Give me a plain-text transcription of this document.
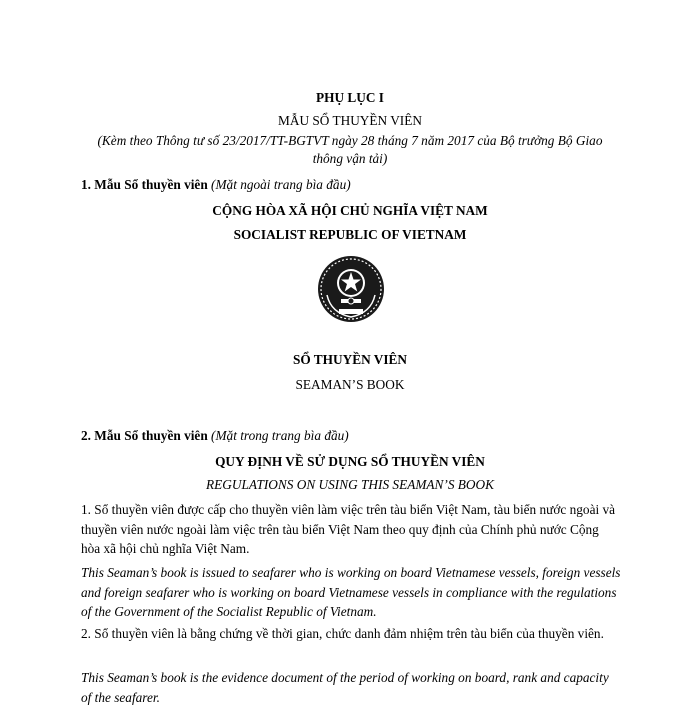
PHỤ LỤC I
MẪU SỔ THUYỀN VIÊN
(Kèm theo Thông tư số 23/2017/TT-BGTVT ngày 28 tháng 7 năm 2017 của Bộ trưởng Bộ Giao
thông vận tải)
1. Mẫu Sổ thuyền viên (Mặt ngoài trang bìa đầu)
CỘNG HÒA XÃ HỘI CHỦ NGHĨA VIỆT NAM
SOCIALIST REPUBLIC OF VIETNAM
SỔ THUYỀN VIÊN
SEAMAN’S BOOK
2. Mẫu Sổ thuyền viên (Mặt trong trang bìa đầu)
QUY ĐỊNH VỀ SỬ DỤNG SỔ THUYỀN VIÊN
REGULATIONS ON USING THIS SEAMAN’S BOOK
1. Sổ thuyền viên được cấp cho thuyền viên làm việc trên tàu biển Việt Nam, tàu biển nước ngoài và thuyền viên nước ngoài làm việc trên tàu biển Việt Nam theo quy định của Chính phủ nước Cộng hòa xã hội chủ nghĩa Việt Nam.
This Seaman’s book is issued to seafarer who is working on board Vietnamese vessels, foreign vessels and foreign seafarer who is working on board Vietnamese vessels in compliance with the regulations of the Government of the Socialist Republic of Vietnam.
2. Sổ thuyền viên là bằng chứng về thời gian, chức danh đảm nhiệm trên tàu biển của thuyền viên.
This Seaman’s book is the evidence document of the period of working on board, rank and capacity of the seafarer.
